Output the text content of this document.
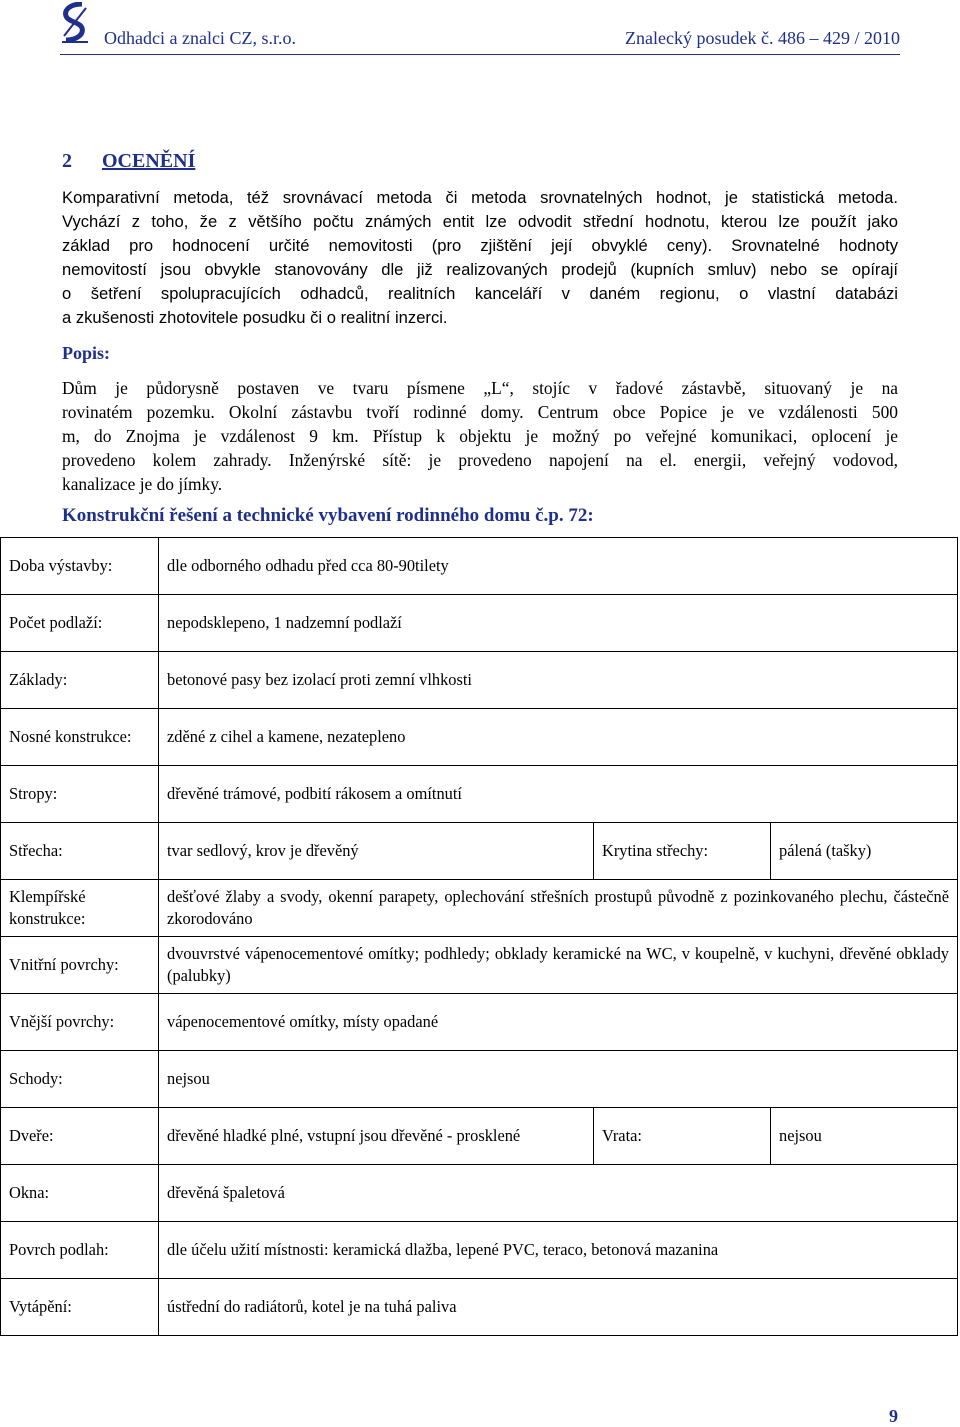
Odhadci a znalci CZ, s.r.o.	Znalecký posudek č. 486 – 429 / 2010
2 OCENĚNÍ
Komparativní metoda, též srovnávací metoda či metoda srovnatelných hodnot, je statistická metoda.
Vychází z toho, že z většího počtu známých entit lze odvodit střední hodnotu, kterou lze použít jako
základ pro hodnocení určité nemovitosti (pro zjištění její obvyklé ceny). Srovnatelné hodnoty
nemovitostí jsou obvykle stanovovány dle již realizovaných prodejů (kupních smluv) nebo se opírají
o šetření spolupracujících odhadců, realitních kanceláří v daném regionu, o vlastní databázi
a zkušenosti zhotovitele posudku či o realitní inzerci.
Popis:
Dům je půdorysně postaven ve tvaru písmene „L“, stojíc v řadové zástavbě, situovaný je na
rovinatém pozemku. Okolní zástavbu tvoří rodinné domy. Centrum obce Popice je ve vzdálenosti 500
m, do Znojma je vzdálenost 9 km. Přístup k objektu je možný po veřejné komunikaci, oplocení je
provedeno kolem zahrady. Inženýrské sítě: je provedeno napojení na el. energii, veřejný vodovod,
kanalizace je do jímky.
Konstrukční řešení a technické vybavení rodinného domu č.p. 72:
Doba výstavby:	dle odborného odhadu před cca 80-90tilety		
Počet podlaží:	nepodsklepeno, 1 nadzemní podlaží		
Základy:	betonové pasy bez izolací proti zemní vlhkosti		
Nosné konstrukce:	zděné z cihel a kamene, nezatepleno		
Stropy:	dřevěné trámové, podbití rákosem a omítnutí		
Střecha:	tvar sedlový, krov je dřevěný	Krytina střechy:	pálená (tašky)
Klempířské konstrukce:	dešťové žlaby a svody, okenní parapety, oplechování střešních prostupů původně z pozinkovaného plechu, částečně zkorodováno		
Vnitřní povrchy:	dvouvrstvé vápenocementové omítky; podhledy; obklady keramické na WC, v koupelně, v kuchyni, dřevěné obklady (palubky)		
Vnější povrchy:	vápenocementové omítky, místy opadané		
Schody:	nejsou		
Dveře:	dřevěné hladké plné, vstupní jsou dřevěné - prosklené	Vrata:	nejsou
Okna:	dřevěná špaletová		
Povrch podlah:	dle účelu užití místnosti: keramická dlažba, lepené PVC, teraco, betonová mazanina		
Vytápění:	ústřední do radiátorů, kotel je na tuhá paliva		
9
